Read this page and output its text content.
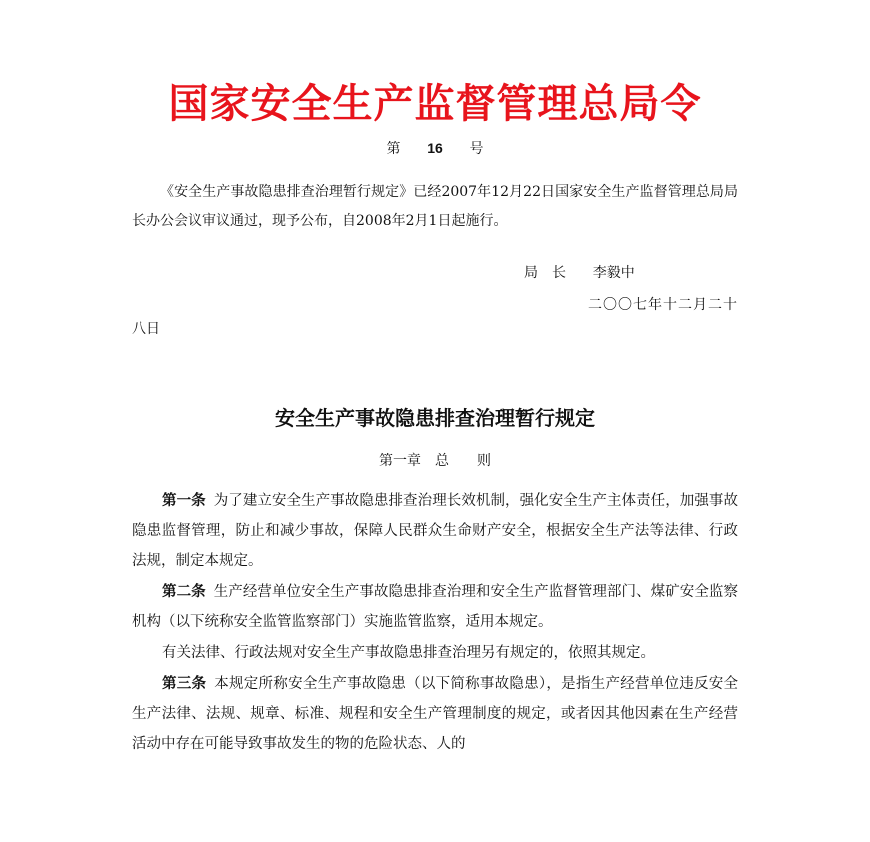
国家安全生产监督管理总局令
第 16 号

《安全生产事故隐患排查治理暂行规定》已经2007年12月22日国家安全生产监督管理总局局长办公会议审议通过，现予公布，自2008年2月1日起施行。

局　长 李毅中
二〇〇七年十二月二十
八日
安全生产事故隐患排查治理暂行规定
第一章　总　　则

第一条 为了建立安全生产事故隐患排查治理长效机制，强化安全生产主体责任，加强事故隐患监督管理，防止和减少事故，保障人民群众生命财产安全，根据安全生产法等法律、行政法规，制定本规定。

第二条 生产经营单位安全生产事故隐患排查治理和安全生产监督管理部门、煤矿安全监察机构（以下统称安全监管监察部门）实施监管监察，适用本规定。

有关法律、行政法规对安全生产事故隐患排查治理另有规定的，依照其规定。

第三条 本规定所称安全生产事故隐患（以下简称事故隐患），是指生产经营单位违反安全生产法律、法规、规章、标准、规程和安全生产管理制度的规定，或者因其他因素在生产经营活动中存在可能导致事故发生的物的危险状态、人的
